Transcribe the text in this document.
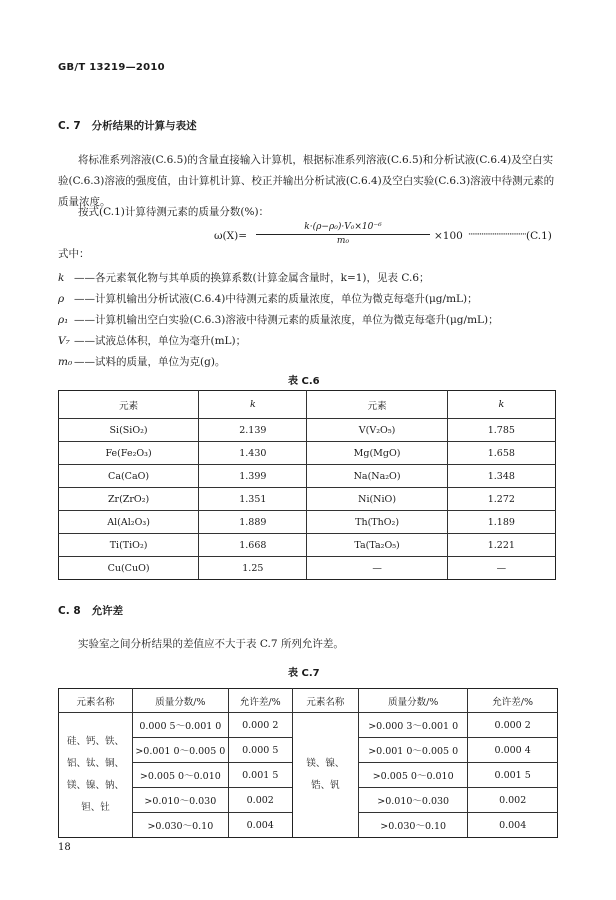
GB/T 13219—2010
C. 7 分析结果的计算与表述
将标准系列溶液(C.6.5)的含量直接输入计算机，根据标准系列溶液(C.6.5)和分析试液(C.6.4)及空白实验(C.6.3)溶液的强度值，由计算机计算、校正并输出分析试液(C.6.4)及空白实验(C.6.3)溶液中待测元素的质量浓度。
按式(C.1)计算待测元素的质量分数(%)：
$\omega(X)= \frac{\text{k·(ρ−ρ₀)·V₀×10⁻⁶}}{\text{m₀}} \times 100$ ······························· (C.1)
式中：
k ——各元素氧化物与其单质的换算系数(计算金属含量时，k=1)，见表 C.6；
ρ ——计算机输出分析试液(C.6.4)中待测元素的质量浓度，单位为微克每毫升(μg/mL)；
ρ₁ ——计算机输出空白实验(C.6.3)溶液中待测元素的质量浓度，单位为微克每毫升(μg/mL)；
V₇ ——试液总体积，单位为毫升(mL)；
m₀ ——试料的质量，单位为克(g)。
表 C.6
元素	k	元素	k
Si(SiO₂)	2.139	V(V₂O₅)	1.785
Fe(Fe₂O₃)	1.430	Mg(MgO)	1.658
Ca(CaO)	1.399	Na(Na₂O)	1.348
Zr(ZrO₂)	1.351	Ni(NiO)	1.272
Al(Al₂O₃)	1.889	Th(ThO₂)	1.189
Ti(TiO₂)	1.668	Ta(Ta₂O₅)	1.221
Cu(CuO)	1.25	—	—
C. 8 允许差
实验室之间分析结果的差值应不大于表 C.7 所列允许差。
表 C.7
元素名称	质量分数/%	允许差/%	元素名称	质量分数/%	允许差/%
硅、钙、铁、铝、钛、铜、镁、镍、钠、钽、钍	0.000 5～0.001 0	0.000 2	镁、镍、锆、钒	>0.000 3～0.001 0	0.000 2
	>0.001 0～0.005 0	0.000 5		>0.001 0～0.005 0	0.000 4
	>0.005 0～0.010	0.001 5		>0.005 0～0.010	0.001 5
	>0.010～0.030	0.002		>0.010～0.030	0.002
	>0.030～0.10	0.004		>0.030～0.10	0.004
18
